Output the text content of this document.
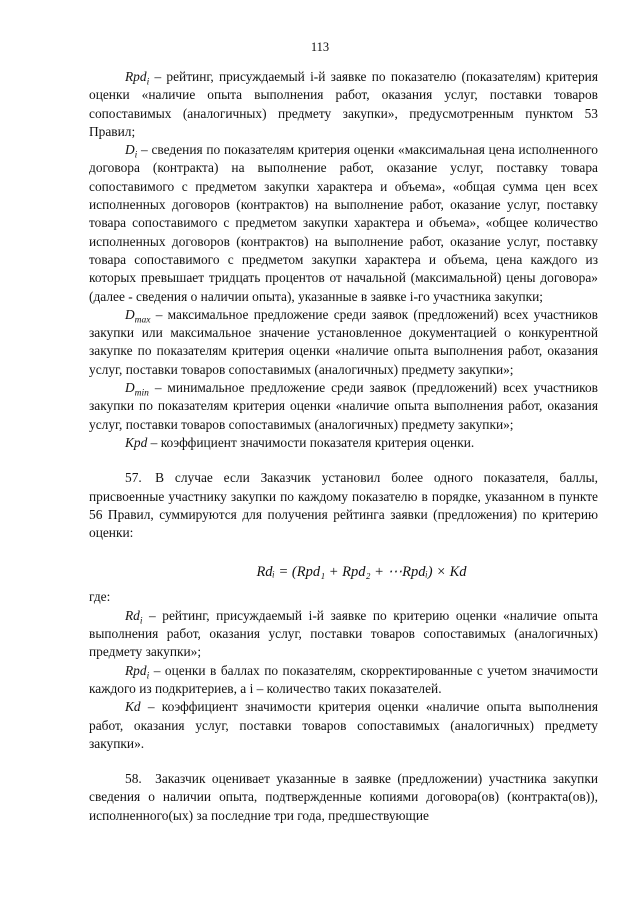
113

Rpd$_i$ – рейтинг, присуждаемый i-й заявке по показателю (показателям) критерия оценки «наличие опыта выполнения работ, оказания услуг, поставки товаров сопоставимых (аналогичных) предмету закупки», предусмотренным пунктом 53 Правил;

$D_i$ – сведения по показателям критерия оценки «максимальная цена исполненного договора (контракта) на выполнение работ, оказание услуг, поставку товара сопоставимого с предметом закупки характера и объема», «общая сумма цен всех исполненных договоров (контрактов) на выполнение работ, оказание услуг, поставку товара сопоставимого с предметом закупки характера и объема», «общее количество исполненных договоров (контрактов) на выполнение работ, оказание услуг, поставку товара сопоставимого с предметом закупки характера и объема, цена каждого из которых превышает тридцать процентов от начальной (максимальной) цены договора» (далее - сведения о наличии опыта), указанные в заявке i-го участника закупки;

$D_{max}$ – максимальное предложение среди заявок (предложений) всех участников закупки или максимальное значение установленное документацией о конкурентной закупке по показателям критерия оценки «наличие опыта выполнения работ, оказания услуг, поставки товаров сопоставимых (аналогичных) предмету закупки»;

$D_{min}$ – минимальное предложение среди заявок (предложений) всех участников закупки по показателям критерия оценки «наличие опыта выполнения работ, оказания услуг, поставки товаров сопоставимых (аналогичных) предмету закупки»;

Kpd – коэффициент значимости показателя критерия оценки.

57. В случае если Заказчик установил более одного показателя, баллы, присвоенные участнику закупки по каждому показателю в порядке, указанном в пункте 56 Правил, суммируются для получения рейтинга заявки (предложения) по критерию оценки:

Rdᵢ = (Rpd₁ + Rpd₂ + ⋯Rpdᵢ) × Kd

где:

$Rd_i$ – рейтинг, присуждаемый i-й заявке по критерию оценки «наличие опыта выполнения работ, оказания услуг, поставки товаров сопоставимых (аналогичных) предмету закупки»;

Rpd$_i$ – оценки в баллах по показателям, скорректированные с учетом значимости каждого из подкритериев, а i – количество таких показателей.

Kd – коэффициент значимости критерия оценки «наличие опыта выполнения работ, оказания услуг, поставки товаров сопоставимых (аналогичных) предмету закупки».

58. Заказчик оценивает указанные в заявке (предложении) участника закупки сведения о наличии опыта, подтвержденные копиями договора(ов) (контракта(ов)), исполненного(ых) за последние три года, предшествующие
